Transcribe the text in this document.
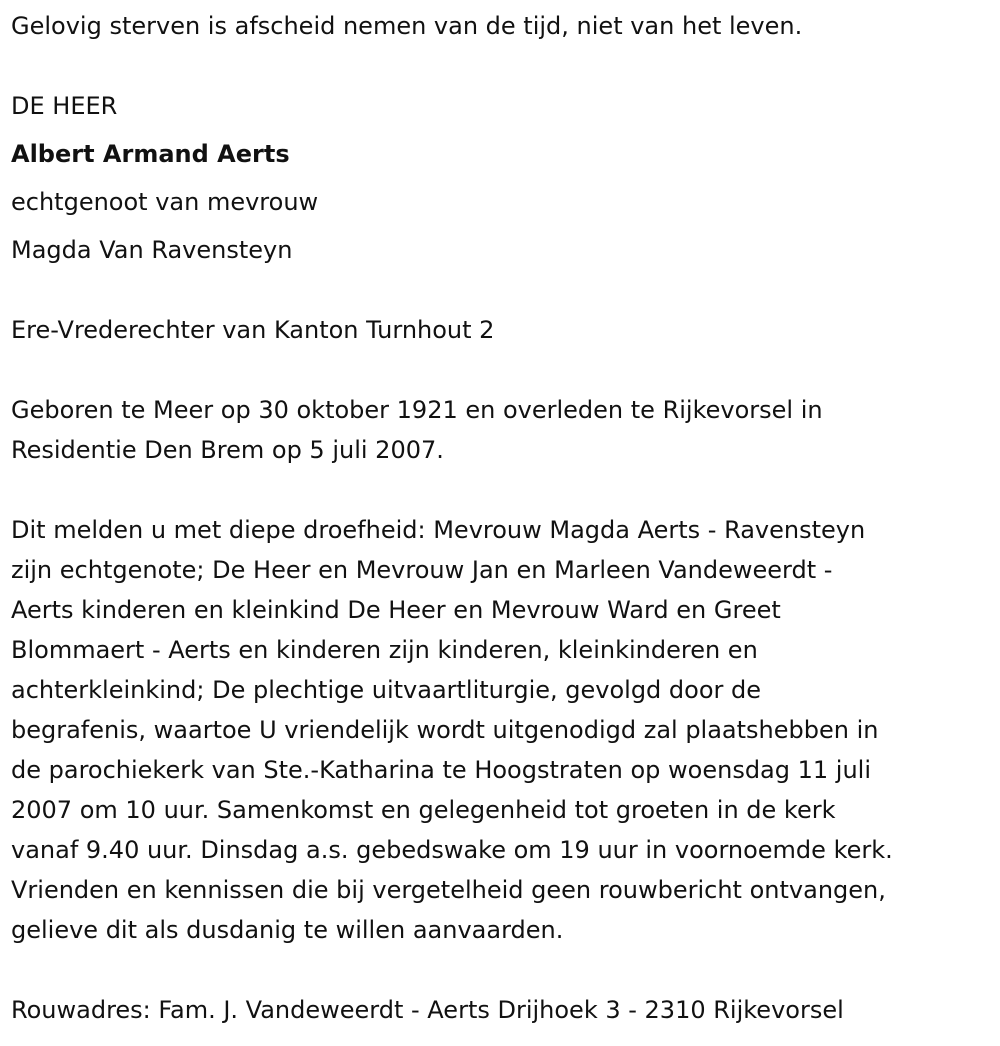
Gelovig sterven is afscheid nemen van de tijd, niet van het leven.

DE HEER

Albert Armand Aerts

echtgenoot van mevrouw

Magda Van Ravensteyn

Ere-Vrederechter van Kanton Turnhout 2

Geboren te Meer op 30 oktober 1921 en overleden te Rijkevorsel in

Residentie Den Brem op 5 juli 2007.

Dit melden u met diepe droefheid: Mevrouw Magda Aerts - Ravensteyn

zijn echtgenote; De Heer en Mevrouw Jan en Marleen Vandeweerdt -

Aerts kinderen en kleinkind De Heer en Mevrouw Ward en Greet

Blommaert - Aerts en kinderen zijn kinderen, kleinkinderen en

achterkleinkind; De plechtige uitvaartliturgie, gevolgd door de

begrafenis, waartoe U vriendelijk wordt uitgenodigd zal plaatshebben in

de parochiekerk van Ste.-Katharina te Hoogstraten op woensdag 11 juli

2007 om 10 uur. Samenkomst en gelegenheid tot groeten in de kerk

vanaf 9.40 uur. Dinsdag a.s. gebedswake om 19 uur in voornoemde kerk.

Vrienden en kennissen die bij vergetelheid geen rouwbericht ontvangen,

gelieve dit als dusdanig te willen aanvaarden.

Rouwadres: Fam. J. Vandeweerdt - Aerts Drijhoek 3 - 2310 Rijkevorsel
